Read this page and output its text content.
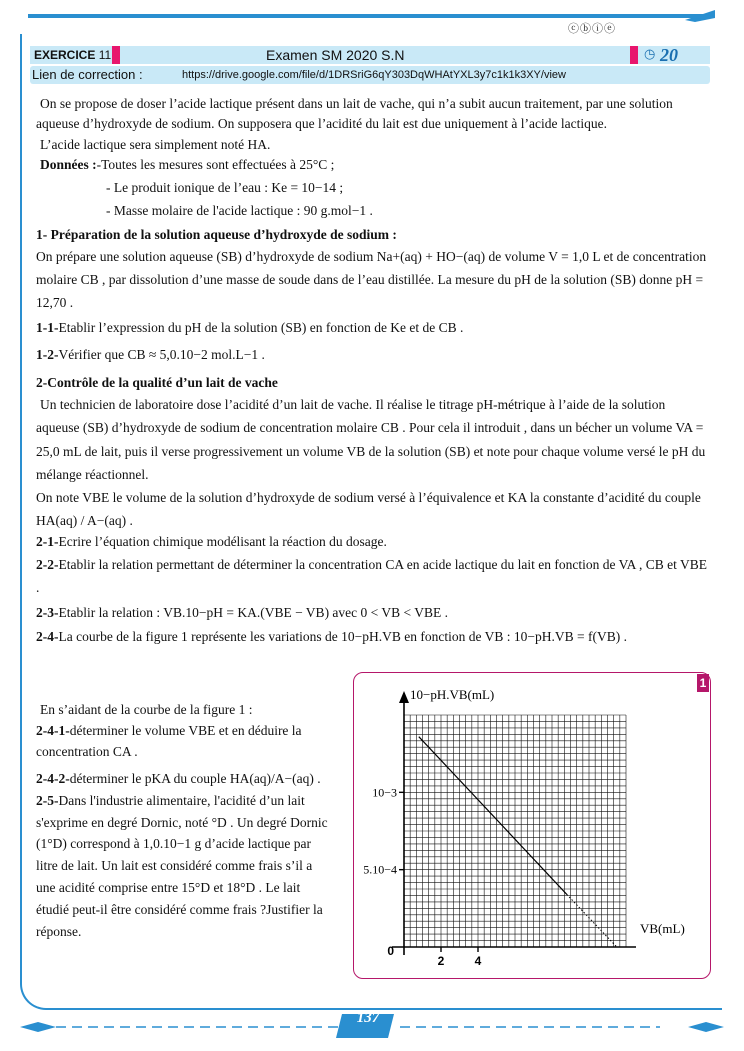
ⓒⓑⓘⓔ
EXERCICE 11	Examen SM 2020 S.N	◷ 20
Lien de correction :	https://drive.google.com/file/d/1DRSriG6qY303DqWHAtYXL3y7c1k1k3XY/view

On se propose de doser l’acide lactique présent dans un lait de vache, qui n’a subit aucun traitement, par une solution aqueuse d’hydroxyde de sodium. On supposera que l’acidité du lait est due uniquement à l’acide lactique.

L’acide lactique sera simplement noté HA.

Données :-Toutes les mesures sont effectuées à 25°C ;

- Le produit ionique de l’eau : Ke = 10−14 ;

- Masse molaire de l'acide lactique : 90 g.mol−1 .

1- Préparation de la solution aqueuse d’hydroxyde de sodium :

On prépare une solution aqueuse (SB) d’hydroxyde de sodium Na+(aq) + HO−(aq) de volume V = 1,0 L et de concentration molaire CB , par dissolution d’une masse de soude dans de l’eau distillée. La mesure du pH de la solution (SB) donne pH = 12,70 .

1-1-Etablir l’expression du pH de la solution (SB) en fonction de Ke et de CB .

1-2-Vérifier que CB ≈ 5,0.10−2 mol.L−1 .

2-Contrôle de la qualité d’un lait de vache

Un technicien de laboratoire dose l’acidité d’un lait de vache. Il réalise le titrage pH-métrique à l’aide de la solution aqueuse (SB) d’hydroxyde de sodium de concentration molaire CB . Pour cela il introduit , dans un bécher un volume VA = 25,0 mL de lait, puis il verse progressivement un volume VB de la solution (SB) et note pour chaque volume versé le pH du mélange réactionnel.

On note VBE le volume de la solution d’hydroxyde de sodium versé à l’équivalence et KA la constante d’acidité du couple HA(aq) / A−(aq) .

2-1-Ecrire l’équation chimique modélisant la réaction du dosage.

2-2-Etablir la relation permettant de déterminer la concentration CA en acide lactique du lait en fonction de VA , CB et VBE .

2-3-Etablir la relation : VB.10−pH = KA.(VBE − VB) avec 0 < VB < VBE .

2-4-La courbe de la figure 1 représente les variations de 10−pH.VB en fonction de VB : 10−pH.VB = f(VB) .

En s’aidant de la courbe de la figure 1 :

2-4-1-déterminer le volume VBE et en déduire la concentration CA .

2-4-2-déterminer le pKA du couple HA(aq)/A−(aq) .

2-5-Dans l'industrie alimentaire, l'acidité d’un lait s'exprime en degré Dornic, noté °D . Un degré Dornic (1°D) correspond à 1,0.10−1 g d’acide lactique par litre de lait. Un lait est considéré comme frais s’il a une acidité comprise entre 15°D et 18°D . Le lait étudié peut-il être considéré comme frais ?Justifier la réponse.

1
2	4
5.10−4
10−3
0
10−pH.VB(mL)
VB(mL)
137
